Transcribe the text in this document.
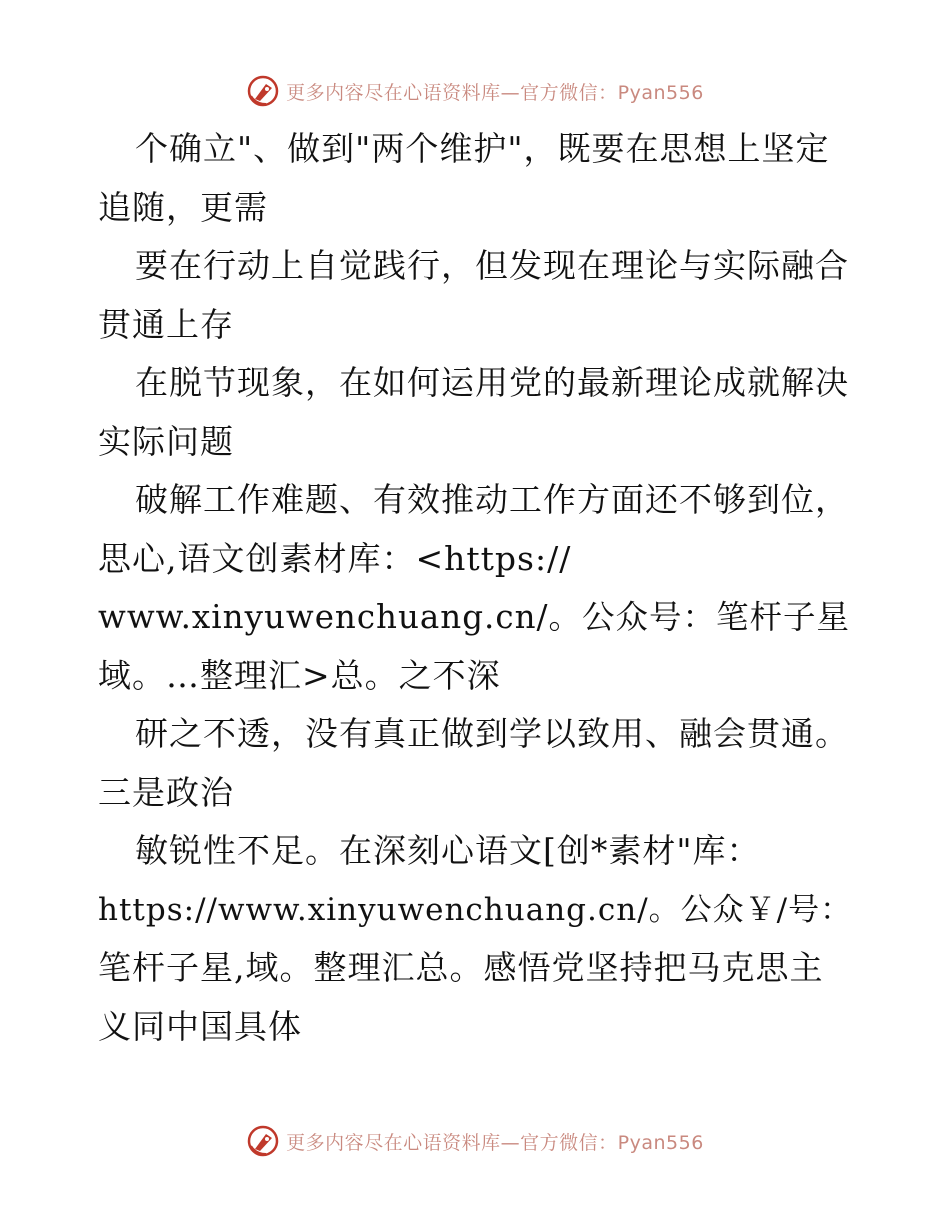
更多内容尽在心语资料库—官方微信：Pyan556
个确立"、做到"两个维护"，既要在思想上坚定
追随，更需
要在行动上自觉践行，但发现在理论与实际融合
贯通上存
在脱节现象，在如何运用党的最新理论成就解决
实际问题
破解工作难题、有效推动工作方面还不够到位，
思心,语文创素材库：<https://
www.xinyuwenchuang.cn/。公众号：笔杆子星
域。…整理汇>总。之不深
研之不透，没有真正做到学以致用、融会贯通。
三是政治
敏锐性不足。在深刻心语文[创*素材"库：
https://www.xinyuwenchuang.cn/。公众￥/号：
笔杆子星,域。整理汇总。感悟党坚持把马克思主
义同中国具体
更多内容尽在心语资料库—官方微信：Pyan556
